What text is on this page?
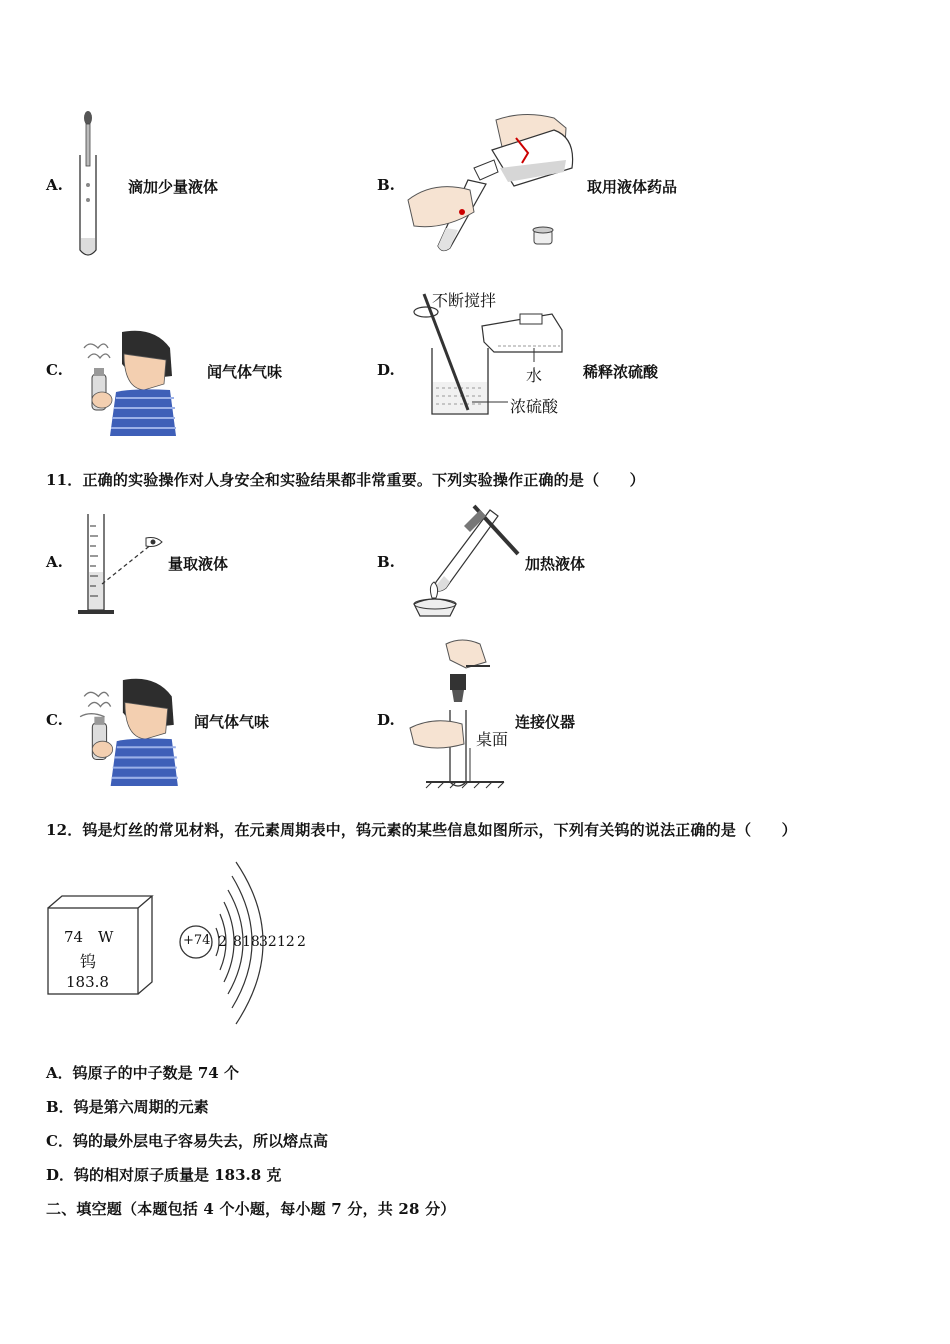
A.	滴加少量液体	B.	取用液体药品
C.	闻气体气味	D.
不断搅拌
水
浓硫酸
稀释浓硫酸
11．正确的实验操作对人身安全和实验结果都非常重要。下列实验操作正确的是（　　）
A.	量取液体	B.	加热液体
C.	闻气体气味	D.
桌面
连接仪器
12．钨是灯丝的常见材料，在元素周期表中，钨元素的某些信息如图所示，下列有关钨的说法正确的是（　　）
74 W
钨
183.8
+74 2 8 18 32 12 2
A．钨原子的中子数是 74 个
B．钨是第六周期的元素
C．钨的最外层电子容易失去，所以熔点高
D．钨的相对原子质量是 183.8 克
二、填空题（本题包括 4 个小题，每小题 7 分，共 28 分）
